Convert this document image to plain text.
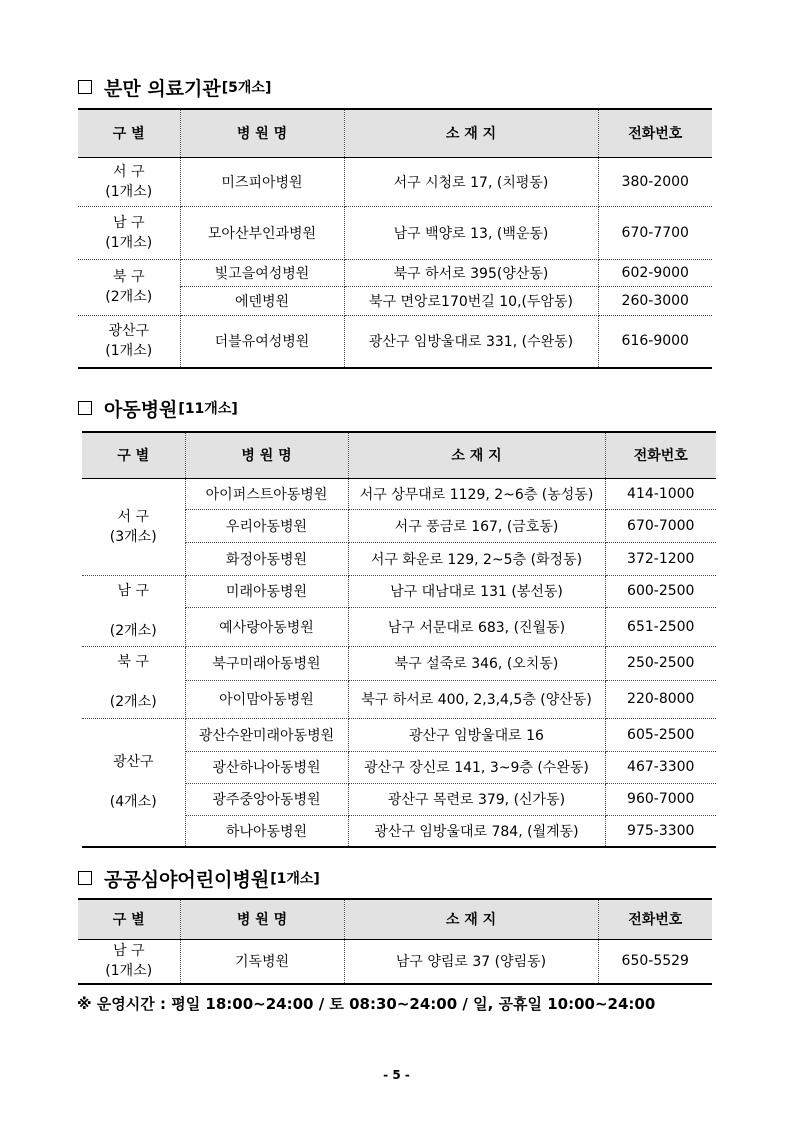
분만 의료기관 [5개소]
구 별	병 원 명	소 재 지	전화번호
서 구
(1개소)	미즈피아병원	서구 시청로 17, (치평동)	380-2000
남 구
(1개소)	모아산부인과병원	남구 백양로 13, (백운동)	670-7700
북 구
(2개소)	빛고을여성병원	북구 하서로 395(양산동)	602-9000
	에덴병원	북구 면앙로170번길 10,(두암동)	260-3000
광산구
(1개소)	더블유여성병원	광산구 임방울대로 331, (수완동)	616-9000
아동병원 [11개소]
구 별	병 원 명	소 재 지	전화번호
서 구
(3개소)	아이퍼스트아동병원	서구 상무대로 1129, 2~6층 (농성동)	414-1000
	우리아동병원	서구 풍금로 167, (금호동)	670-7000
	화정아동병원	서구 화운로 129, 2~5층 (화정동)	372-1200
남 구

(2개소)	미래아동병원	남구 대남대로 131 (봉선동)	600-2500
	예사랑아동병원	남구 서문대로 683, (진월동)	651-2500
북 구

(2개소)	북구미래아동병원	북구 설죽로 346, (오치동)	250-2500
	아이맘아동병원	북구 하서로 400, 2,3,4,5층 (양산동)	220-8000
광산구

(4개소)	광산수완미래아동병원	광산구 임방울대로 16	605-2500
	광산하나아동병원	광산구 장신로 141, 3~9층 (수완동)	467-3300
	광주중앙아동병원	광산구 목련로 379, (신가동)	960-7000
	하나아동병원	광산구 임방울대로 784, (월계동)	975-3300
공공심야어린이병원 [1개소]
구 별	병 원 명	소 재 지	전화번호
남 구
(1개소)	기독병원	남구 양림로 37 (양림동)	650-5529
※ 운영시간 : 평일 18:00~24:00 / 토 08:30~24:00 / 일, 공휴일 10:00~24:00
- 5 -
